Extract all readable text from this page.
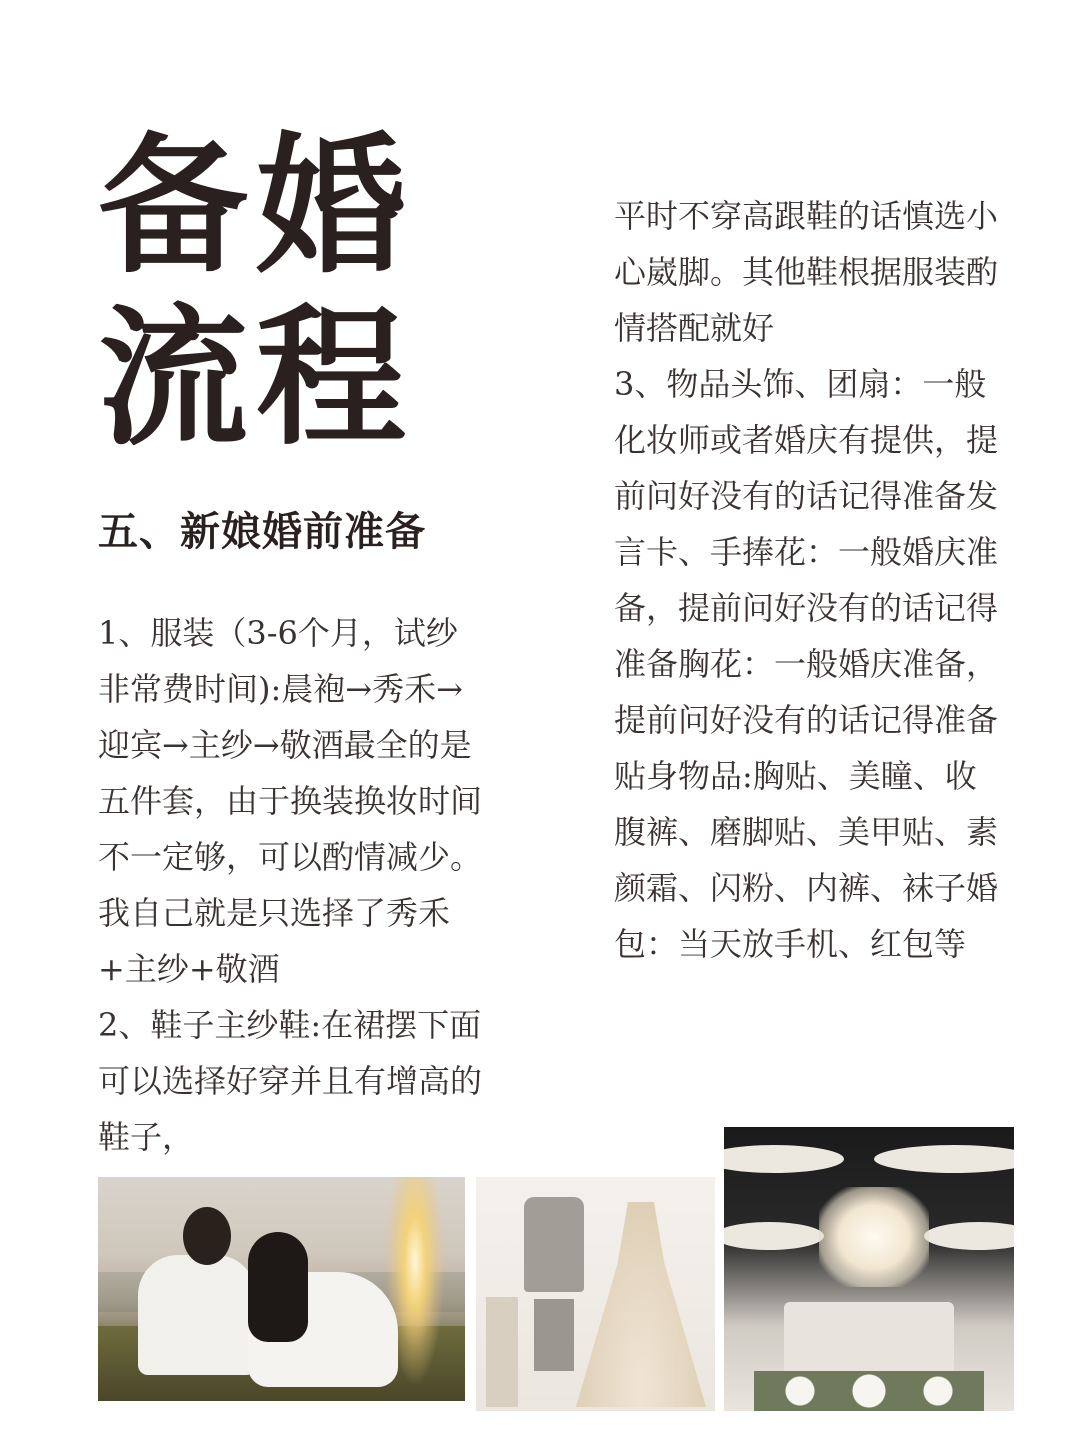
备婚
流程
五、新娘婚前准备

1、服装（3-6个月，试纱非常费时间):晨袍→秀禾→迎宾→主纱→敬酒最全的是五件套，由于换装换妆时间不一定够，可以酌情减少。我自己就是只选择了秀禾+主纱+敬酒

2、鞋子主纱鞋:在裙摆下面可以选择好穿并且有增高的鞋子，

平时不穿高跟鞋的话慎选小心崴脚。其他鞋根据服装酌情搭配就好

3、物品头饰、团扇：一般化妆师或者婚庆有提供，提前问好没有的话记得准备发言卡、手捧花：一般婚庆准备，提前问好没有的话记得准备胸花：一般婚庆准备，提前问好没有的话记得准备贴身物品:胸贴、美瞳、收腹裤、磨脚贴、美甲贴、素颜霜、闪粉、内裤、袜子婚包：当天放手机、红包等
